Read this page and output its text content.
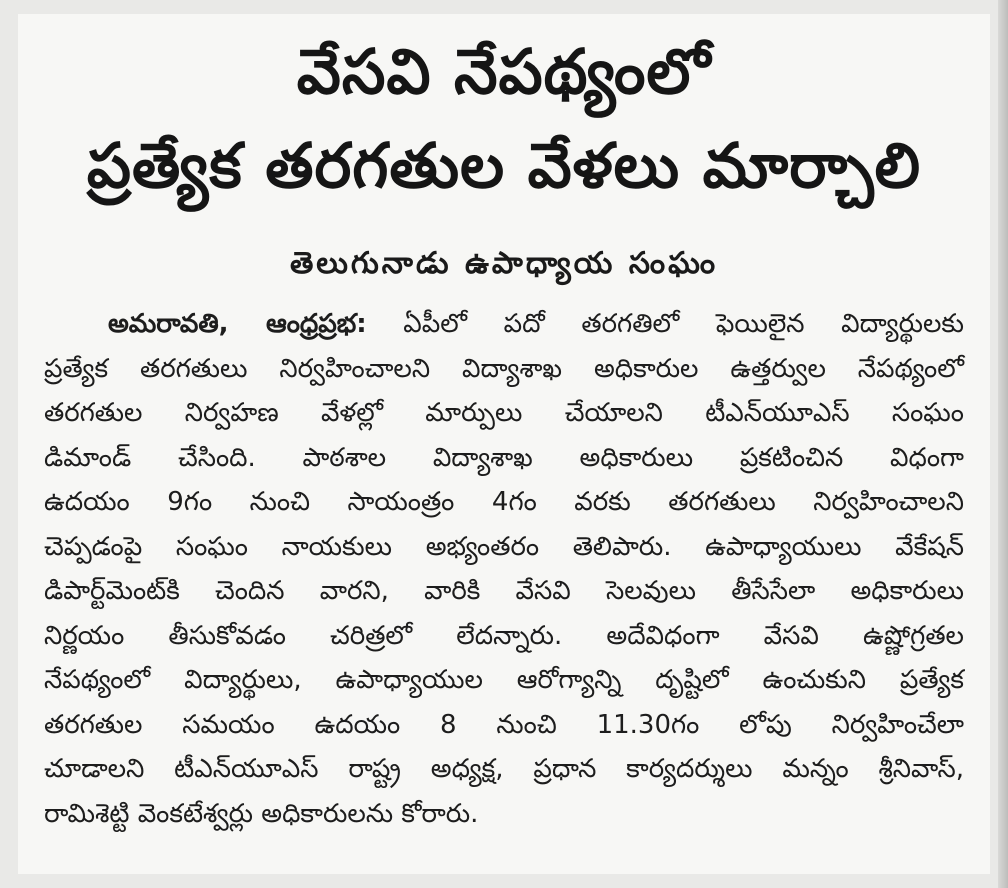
వేసవి నేపథ్యంలో
ప్రత్యేక తరగతుల వేళలు మార్చాలి
తెలుగునాడు ఉపాధ్యాయ సంఘం
అమరావతి, ఆంధ్రప్రభ: ఏపీలో పదో తరగతిలో ఫెయిలైన విద్యార్థులకు
ప్రత్యేక తరగతులు నిర్వహించాలని విద్యాశాఖ అధికారుల ఉత్తర్వుల నేపథ్యంలో
తరగతుల నిర్వహణ వేళల్లో మార్పులు చేయాలని టీఎన్‌యూఎస్ సంఘం
డిమాండ్ చేసింది. పాఠశాల విద్యాశాఖ అధికారులు ప్రకటించిన విధంగా
ఉదయం 9గం నుంచి సాయంత్రం 4గం వరకు తరగతులు నిర్వహించాలని
చెప్పడంపై సంఘం నాయకులు అభ్యంతరం తెలిపారు. ఉపాధ్యాయులు వేకేషన్
డిపార్ట్‌మెంట్‌కి చెందిన వారని, వారికి వేసవి సెలవులు తీసేసేలా అధికారులు
నిర్ణయం తీసుకోవడం చరిత్రలో లేదన్నారు. అదేవిధంగా వేసవి ఉష్ణోగ్రతల
నేపథ్యంలో విద్యార్థులు, ఉపాధ్యాయుల ఆరోగ్యాన్ని దృష్టిలో ఉంచుకుని ప్రత్యేక
తరగతుల సమయం ఉదయం 8 నుంచి 11.30గం లోపు నిర్వహించేలా
చూడాలని టీఎన్‌యూఎస్ రాష్ట్ర అధ్యక్ష, ప్రధాన కార్యదర్శులు మన్నం శ్రీనివాస్,
రామిశెట్టి వెంకటేశ్వర్లు అధికారులను కోరారు.
